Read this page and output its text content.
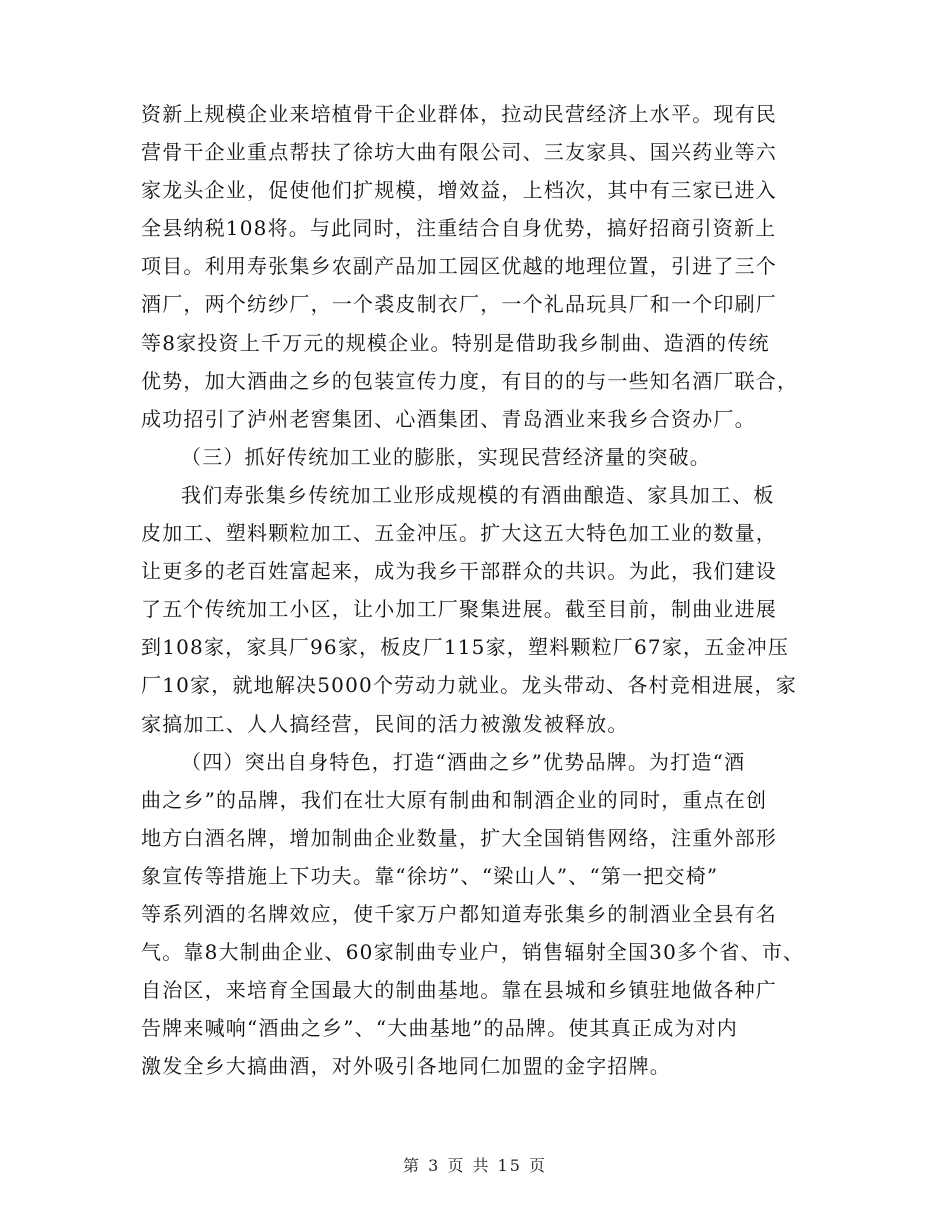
资新上规模企业来培植骨干企业群体，拉动民营经济上水平。现有民
营骨干企业重点帮扶了徐坊大曲有限公司、三友家具、国兴药业等六
家龙头企业，促使他们扩规模，增效益，上档次，其中有三家已进入
全县纳税108将。与此同时，注重结合自身优势，搞好招商引资新上
项目。利用寿张集乡农副产品加工园区优越的地理位置，引进了三个
酒厂，两个纺纱厂，一个裘皮制衣厂，一个礼品玩具厂和一个印刷厂
等8家投资上千万元的规模企业。特别是借助我乡制曲、造酒的传统
优势，加大酒曲之乡的包装宣传力度，有目的的与一些知名酒厂联合，
成功招引了泸州老窖集团、心酒集团、青岛酒业来我乡合资办厂。
（三）抓好传统加工业的膨胀，实现民营经济量的突破。
我们寿张集乡传统加工业形成规模的有酒曲酿造、家具加工、板
皮加工、塑料颗粒加工、五金冲压。扩大这五大特色加工业的数量，
让更多的老百姓富起来，成为我乡干部群众的共识。为此，我们建设
了五个传统加工小区，让小加工厂聚集进展。截至目前，制曲业进展
到108家，家具厂96家，板皮厂115家，塑料颗粒厂67家，五金冲压
厂10家，就地解决5000个劳动力就业。龙头带动、各村竞相进展，家
家搞加工、人人搞经营，民间的活力被激发被释放。
（四）突出自身特色，打造“酒曲之乡”优势品牌。为打造“酒
曲之乡”的品牌，我们在壮大原有制曲和制酒企业的同时，重点在创
地方白酒名牌，增加制曲企业数量，扩大全国销售网络，注重外部形
象宣传等措施上下功夫。靠“徐坊”、“梁山人”、“第一把交椅”
等系列酒的名牌效应，使千家万户都知道寿张集乡的制酒业全县有名
气。靠8大制曲企业、60家制曲专业户，销售辐射全国30多个省、市、
自治区，来培育全国最大的制曲基地。靠在县城和乡镇驻地做各种广
告牌来喊响“酒曲之乡”、“大曲基地”的品牌。使其真正成为对内
激发全乡大搞曲酒，对外吸引各地同仁加盟的金字招牌。
第 3 页 共 15 页
